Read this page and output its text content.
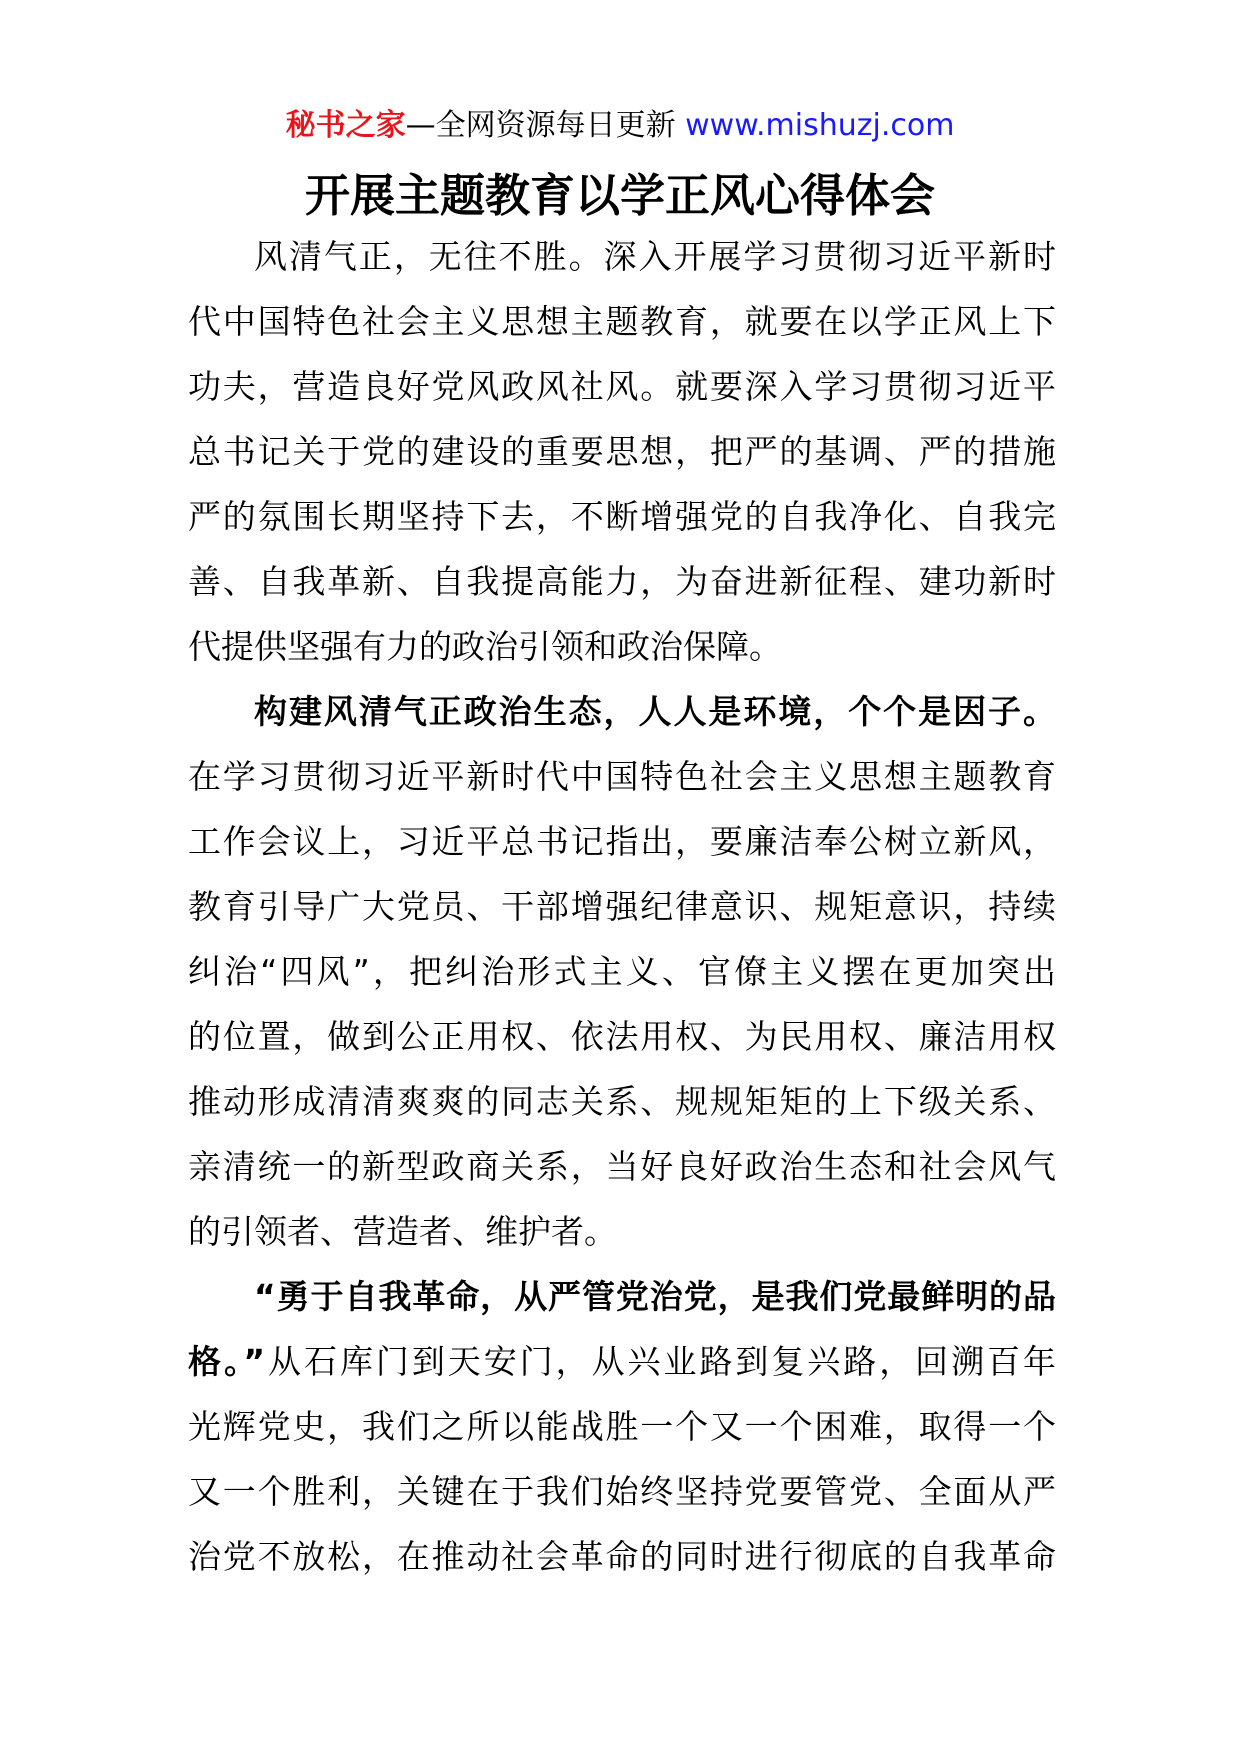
秘书之家—全网资源每日更新 www.mishuzj.com
开展主题教育以学正风心得体会
风清气正，无往不胜。深入开展学习贯彻习近平新时
代中国特色社会主义思想主题教育，就要在以学正风上下
功夫，营造良好党风政风社风。就要深入学习贯彻习近平
总书记关于党的建设的重要思想，把严的基调、严的措施
严的氛围长期坚持下去，不断增强党的自我净化、自我完
善、自我革新、自我提高能力，为奋进新征程、建功新时
代提供坚强有力的政治引领和政治保障。
构建风清气正政治生态，人人是环境，个个是因子。
在学习贯彻习近平新时代中国特色社会主义思想主题教育
工作会议上，习近平总书记指出，要廉洁奉公树立新风，
教育引导广大党员、干部增强纪律意识、规矩意识，持续
纠治“四风”，把纠治形式主义、官僚主义摆在更加突出
的位置，做到公正用权、依法用权、为民用权、廉洁用权
推动形成清清爽爽的同志关系、规规矩矩的上下级关系、
亲清统一的新型政商关系，当好良好政治生态和社会风气
的引领者、营造者、维护者。
“勇于自我革命，从严管党治党，是我们党最鲜明的品
格。”从石库门到天安门，从兴业路到复兴路，回溯百年
光辉党史，我们之所以能战胜一个又一个困难，取得一个
又一个胜利，关键在于我们始终坚持党要管党、全面从严
治党不放松，在推动社会革命的同时进行彻底的自我革命
